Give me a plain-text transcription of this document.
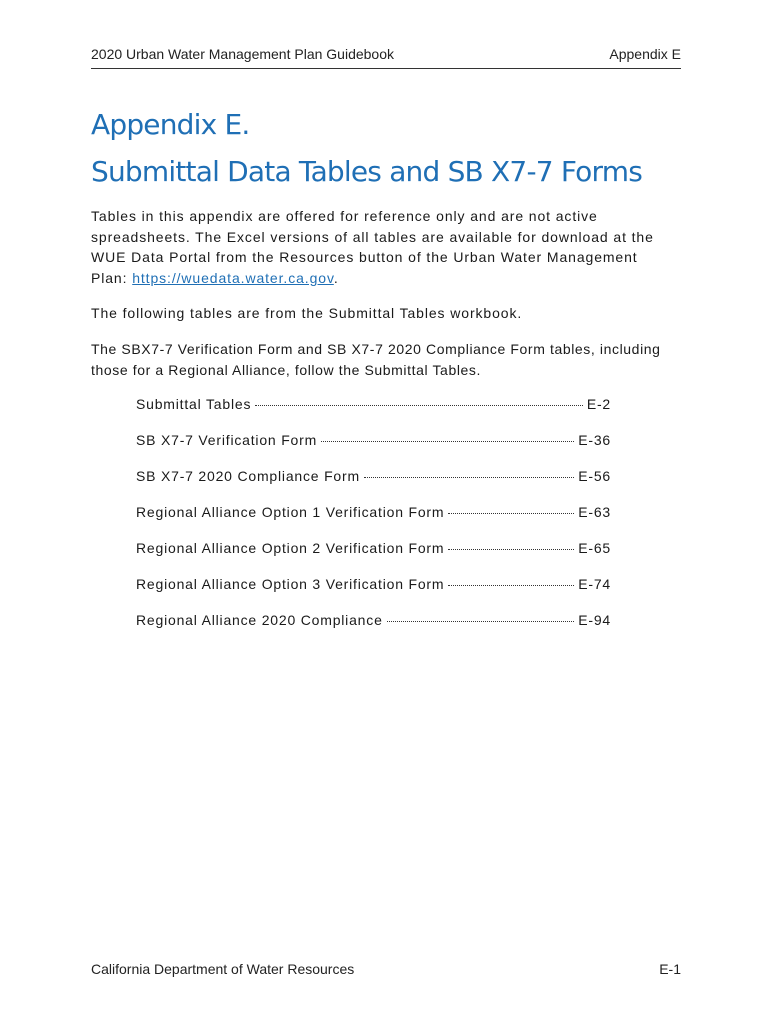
2020 Urban Water Management Plan Guidebook	Appendix E
Appendix E.
Submittal Data Tables and SB X7-7 Forms

Tables in this appendix are offered for reference only and are not active spreadsheets. The Excel versions of all tables are available for download at the WUE Data Portal from the Resources button of the Urban Water Management Plan: https://wuedata.water.ca.gov.

The following tables are from the Submittal Tables workbook.

The SBX7-7 Verification Form and SB X7-7 2020 Compliance Form tables, including those for a Regional Alliance, follow the Submittal Tables.

Submittal Tables	E-2
SB X7-7 Verification Form	E-36
SB X7-7 2020 Compliance Form	E-56
Regional Alliance Option 1 Verification Form	E-63
Regional Alliance Option 2 Verification Form	E-65
Regional Alliance Option 3 Verification Form	E-74
Regional Alliance 2020 Compliance	E-94
California Department of Water Resources	E-1
